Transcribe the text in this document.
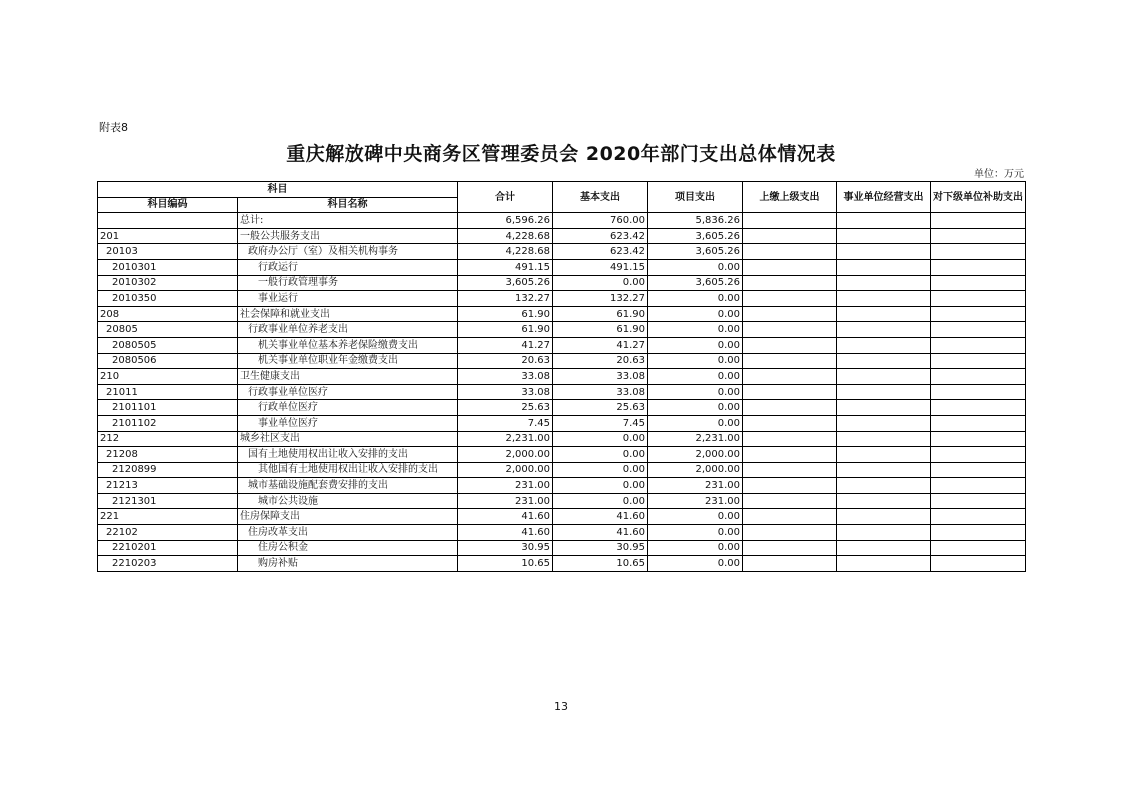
附表8
重庆解放碑中央商务区管理委员会 2020年部门支出总体情况表
单位：万元
科目		合计	基本支出	项目支出	上缴上级支出	事业单位经营支出	对下级单位补助支出
科目编码	科目名称						
	总计:	6,596.26	760.00	5,836.26			
201	一般公共服务支出	4,228.68	623.42	3,605.26			
20103	政府办公厅（室）及相关机构事务	4,228.68	623.42	3,605.26			
2010301	行政运行	491.15	491.15	0.00			
2010302	一般行政管理事务	3,605.26	0.00	3,605.26			
2010350	事业运行	132.27	132.27	0.00			
208	社会保障和就业支出	61.90	61.90	0.00			
20805	行政事业单位养老支出	61.90	61.90	0.00			
2080505	机关事业单位基本养老保险缴费支出	41.27	41.27	0.00			
2080506	机关事业单位职业年金缴费支出	20.63	20.63	0.00			
210	卫生健康支出	33.08	33.08	0.00			
21011	行政事业单位医疗	33.08	33.08	0.00			
2101101	行政单位医疗	25.63	25.63	0.00			
2101102	事业单位医疗	7.45	7.45	0.00			
212	城乡社区支出	2,231.00	0.00	2,231.00			
21208	国有土地使用权出让收入安排的支出	2,000.00	0.00	2,000.00			
2120899	其他国有土地使用权出让收入安排的支出	2,000.00	0.00	2,000.00			
21213	城市基础设施配套费安排的支出	231.00	0.00	231.00			
2121301	城市公共设施	231.00	0.00	231.00			
221	住房保障支出	41.60	41.60	0.00			
22102	住房改革支出	41.60	41.60	0.00			
2210201	住房公积金	30.95	30.95	0.00			
2210203	购房补贴	10.65	10.65	0.00			
13
